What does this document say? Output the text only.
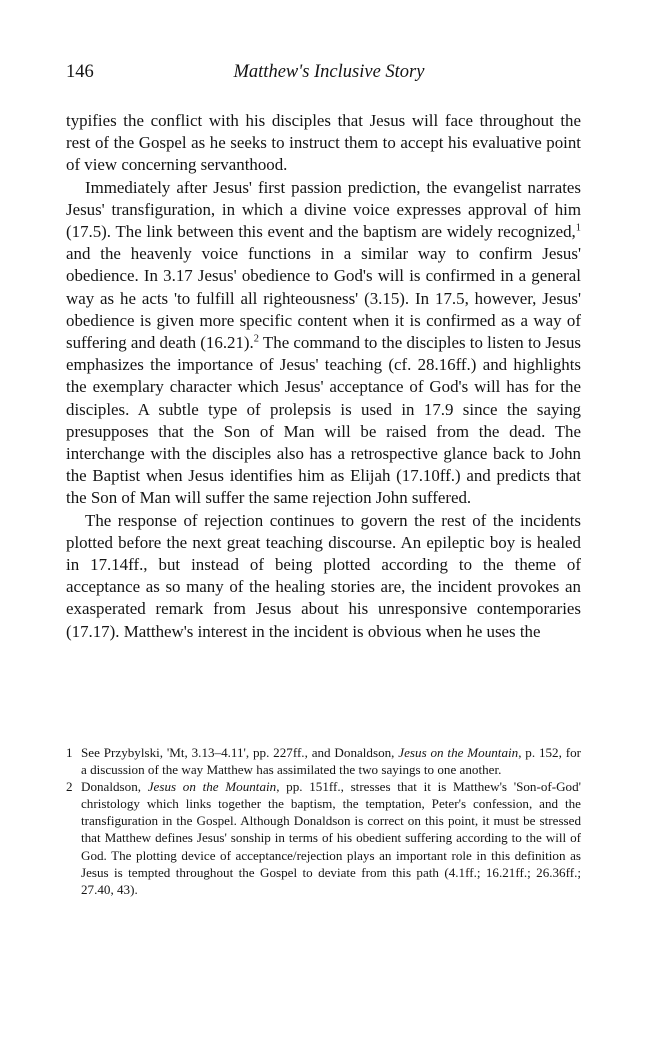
146	Matthew's Inclusive Story

typifies the conflict with his disciples that Jesus will face throughout the rest of the Gospel as he seeks to instruct them to accept his evaluative point of view concerning servanthood.

Immediately after Jesus' first passion prediction, the evangelist narrates Jesus' transfiguration, in which a divine voice expresses approval of him (17.5). The link between this event and the baptism are widely recognized,$^1$ and the heavenly voice functions in a similar way to confirm Jesus' obedience. In 3.17 Jesus' obedience to God's will is confirmed in a general way as he acts 'to fulfill all righteousness' (3.15). In 17.5, however, Jesus' obedience is given more specific content when it is confirmed as a way of suffering and death (16.21).$^2$ The command to the disciples to listen to Jesus emphasizes the importance of Jesus' teaching (cf. 28.16ff.) and highlights the exemplary character which Jesus' acceptance of God's will has for the disciples. A subtle type of prolepsis is used in 17.9 since the saying presupposes that the Son of Man will be raised from the dead. The interchange with the disciples also has a retrospective glance back to John the Baptist when Jesus identifies him as Elijah (17.10ff.) and predicts that the Son of Man will suffer the same rejection John suffered.

The response of rejection continues to govern the rest of the incidents plotted before the next great teaching discourse. An epileptic boy is healed in 17.14ff., but instead of being plotted according to the theme of acceptance as so many of the healing stories are, the incident provokes an exasperated remark from Jesus about his unresponsive contemporaries (17.17). Matthew's interest in the incident is obvious when he uses the

1 See Przybylski, 'Mt, 3.13–4.11', pp. 227ff., and Donaldson, Jesus on the Mountain, p. 152, for a discussion of the way Matthew has assimilated the two sayings to one another.

2 Donaldson, Jesus on the Mountain, pp. 151ff., stresses that it is Matthew's 'Son-of-God' christology which links together the baptism, the temptation, Peter's confession, and the transfiguration in the Gospel. Although Donaldson is correct on this point, it must be stressed that Matthew defines Jesus' sonship in terms of his obedient suffering according to the will of God. The plotting device of acceptance/rejection plays an important role in this definition as Jesus is tempted throughout the Gospel to deviate from this path (4.1ff.; 16.21ff.; 26.36ff.; 27.40, 43).
